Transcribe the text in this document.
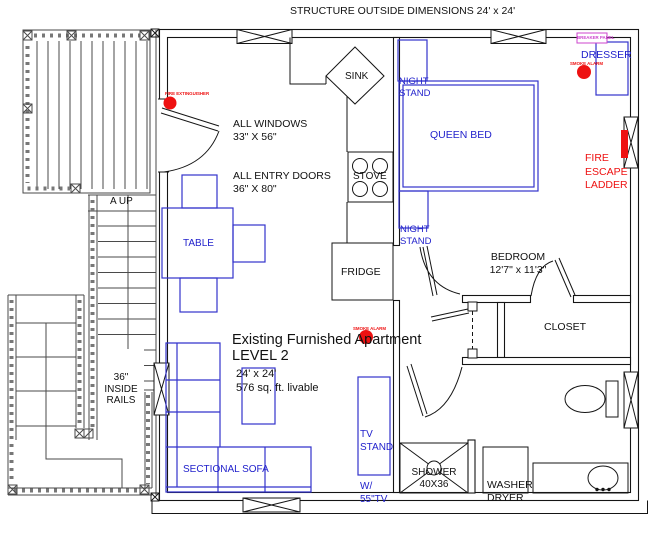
STRUCTURE OUTSIDE DIMENSIONS 24' x 24'

ALL WINDOWS
33" X 56"

ALL ENTRY DOORS
36" X 80"

Existing Furnished Apartment
LEVEL 2

24' x 24'
576 sq. ft. livable

SINK
STOVE
FRIDGE
TABLE
SECTIONAL SOFA

TV
STAND

W/
55"TV

QUEEN BED

NIGHT
STAND

NIGHT
STAND

DRESSER

BEDROOM
12'7" x 11'3"

CLOSET

SHOWER
40X36

	WASHER
DRYER

FIRE
ESCAPE
LADDER

FIRE EXTINGUISHER
SMOKE ALARM
SMOKE ALARM
BREAKER PANEL
A UP

36"
INSIDE
RAILS
